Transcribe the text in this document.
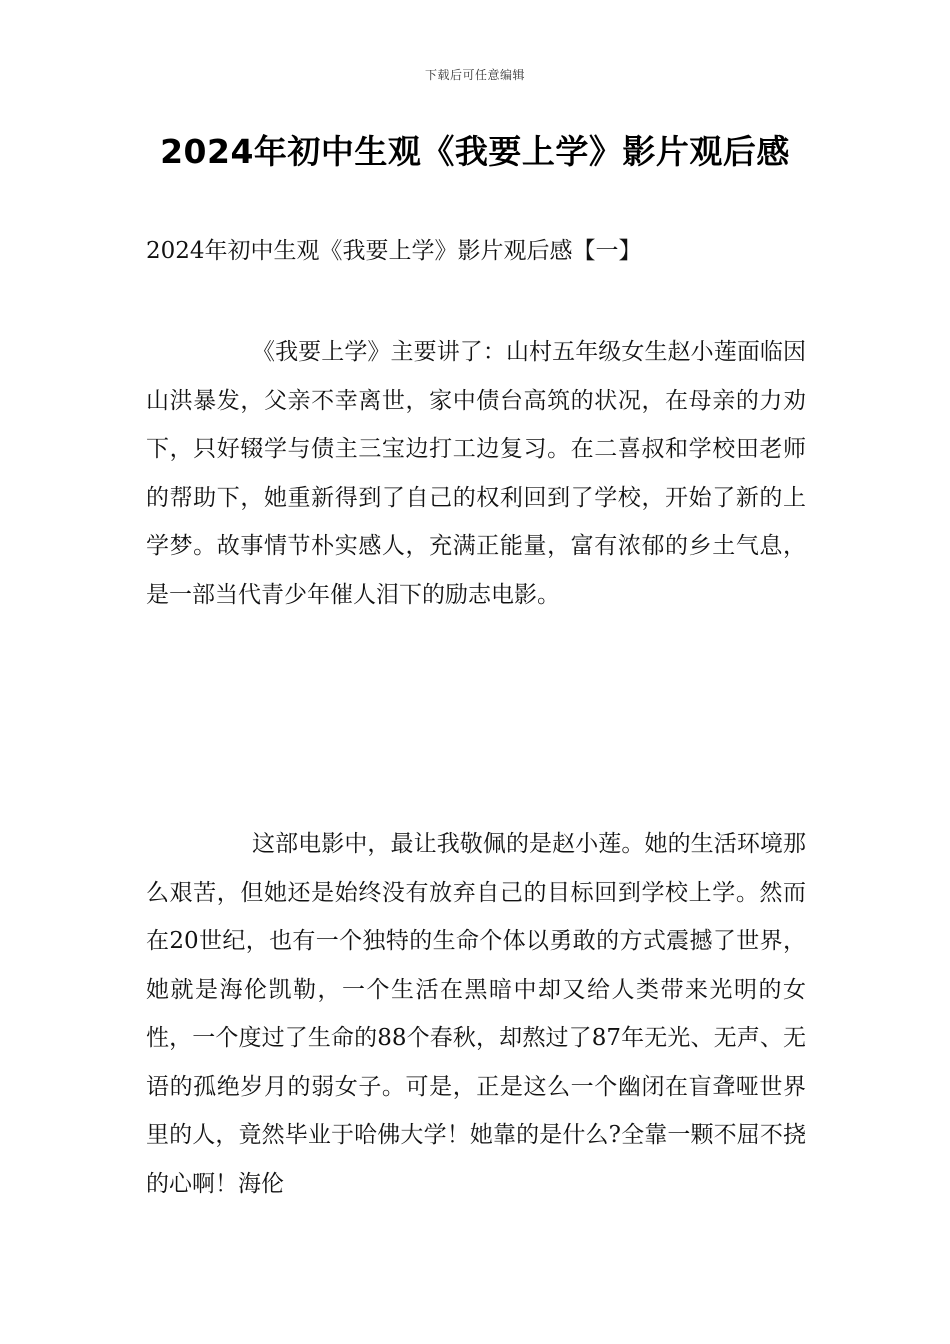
下载后可任意编辑
2024年初中生观《我要上学》影片观后感
2024年初中生观《我要上学》影片观后感【一】

《我要上学》主要讲了：山村五年级女生赵小莲面临因山洪暴发，父亲不幸离世，家中债台高筑的状况，在母亲的力劝下，只好辍学与债主三宝边打工边复习。在二喜叔和学校田老师的帮助下，她重新得到了自己的权利回到了学校，开始了新的上学梦。故事情节朴实感人，充满正能量，富有浓郁的乡土气息，是一部当代青少年催人泪下的励志电影。

这部电影中，最让我敬佩的是赵小莲。她的生活环境那么艰苦，但她还是始终没有放弃自己的目标回到学校上学。然而在20世纪，也有一个独特的生命个体以勇敢的方式震撼了世界，她就是海伦凯勒，一个生活在黑暗中却又给人类带来光明的女性，一个度过了生命的88个春秋，却熬过了87年无光、无声、无语的孤绝岁月的弱女子。可是，正是这么一个幽闭在盲聋哑世界里的人，竟然毕业于哈佛大学！她靠的是什么?全靠一颗不屈不挠的心啊！海伦
